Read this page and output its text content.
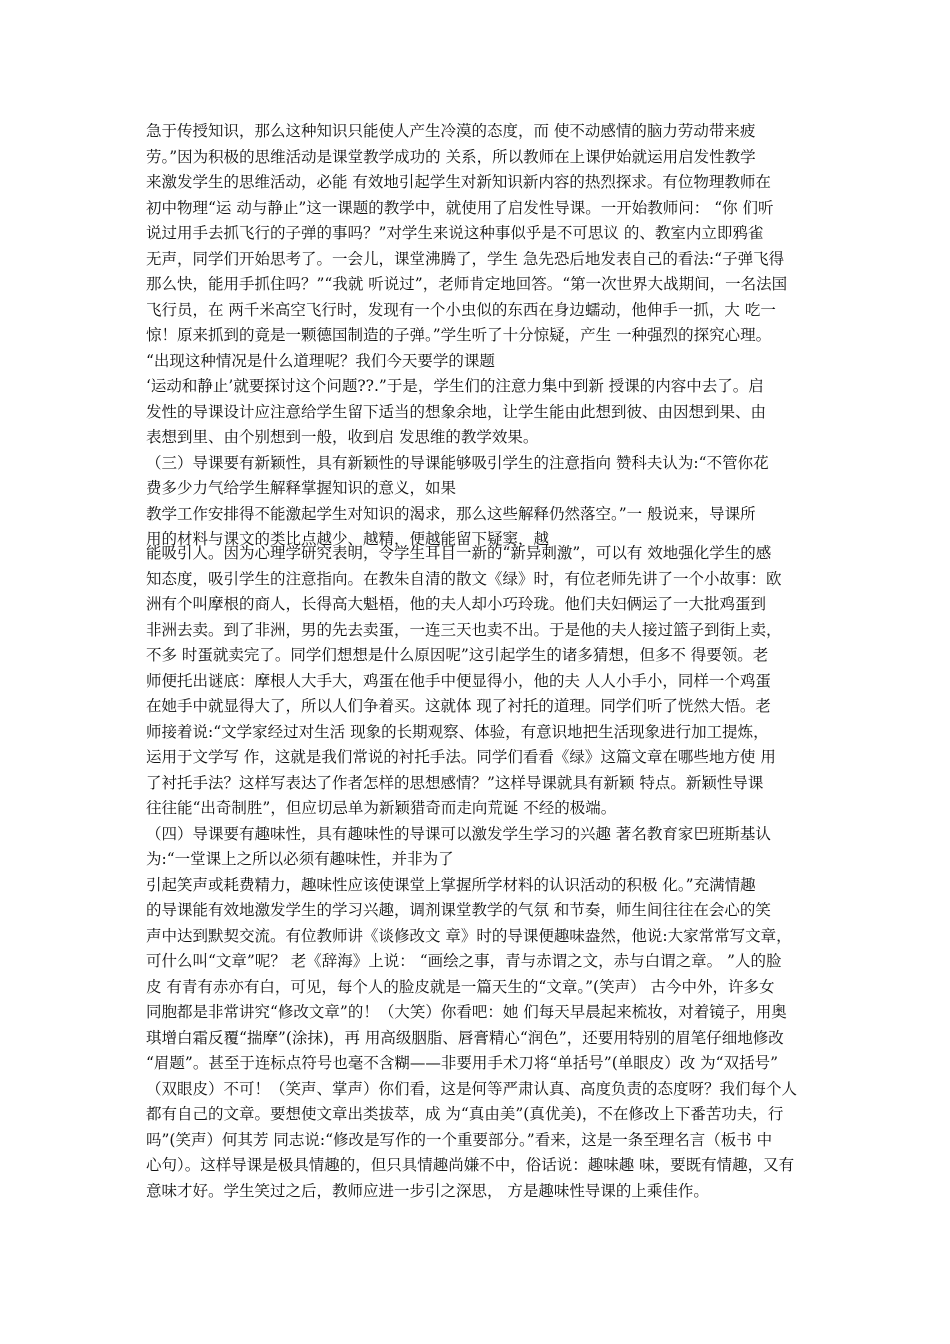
急于传授知识，那么这种知识只能使人产生冷漠的态度，而 使不动感情的脑力劳动带来疲
劳。”因为积极的思维活动是课堂教学成功的 关系，所以教师在上课伊始就运用启发性教学
来激发学生的思维活动，必能 有效地引起学生对新知识新内容的热烈探求。有位物理教师在
初中物理“运 动与静止”这一课题的教学中，就使用了启发性导课。一开始教师问： “你 们听
说过用手去抓飞行的子弹的事吗？”对学生来说这种事似乎是不可思议 的、教室内立即鸦雀
无声，同学们开始思考了。一会儿，课堂沸腾了，学生 急先恐后地发表自己的看法:“子弹飞得
那么快，能用手抓住吗？”“我就 听说过”，老师肯定地回答。“第一次世界大战期间，一名法国
飞行员，在 两千米高空飞行时，发现有一个小虫似的东西在身边蠕动，他伸手一抓，大 吃一
惊！原来抓到的竟是一颗德国制造的子弹。”学生听了十分惊疑，产生 一种强烈的探究心理。
“出现这种情况是什么道理呢？我们今天要学的课题
‘运动和静止’就要探讨这个问题??.”于是，学生们的注意力集中到新 授课的内容中去了。启
发性的导课设计应注意给学生留下适当的想象余地，让学生能由此想到彼、由因想到果、由
表想到里、由个别想到一般，收到启 发思维的教学效果。
（三）导课要有新颖性，具有新颖性的导课能够吸引学生的注意指向 赞科夫认为:“不管你花
费多少力气给学生解释掌握知识的意义，如果
教学工作安排得不能激起学生对知识的渴求，那么这些解释仍然落空。”一 般说来，导课所
用的材料与课文的类比点越少、越精，便越能留下疑窦，越
能吸引人。因为心理学研究表明，令学生耳目一新的“新异刺激”，可以有 效地强化学生的感
知态度，吸引学生的注意指向。在教朱自清的散文《绿》时，有位老师先讲了一个小故事：欧
洲有个叫摩根的商人，长得高大魁梧，他的夫人却小巧玲珑。他们夫妇俩运了一大批鸡蛋到
非洲去卖。到了非洲，男的先去卖蛋，一连三天也卖不出。于是他的夫人接过篮子到街上卖，
不多 时蛋就卖完了。同学们想想是什么原因呢”这引起学生的诸多猜想，但多不 得要领。老
师便托出谜底：摩根人大手大，鸡蛋在他手中便显得小，他的夫 人人小手小，同样一个鸡蛋
在她手中就显得大了，所以人们争着买。这就体 现了衬托的道理。同学们听了恍然大悟。老
师接着说:“文学家经过对生活 现象的长期观察、体验，有意识地把生活现象进行加工提炼，
运用于文学写 作，这就是我们常说的衬托手法。同学们看看《绿》这篇文章在哪些地方使 用
了衬托手法？这样写表达了作者怎样的思想感情？”这样导课就具有新颖 特点。新颖性导课
往往能“出奇制胜”，但应切忌单为新颖猎奇而走向荒诞 不经的极端。
（四）导课要有趣味性，具有趣味性的导课可以激发学生学习的兴趣 著名教育家巴班斯基认
为:“一堂课上之所以必须有趣味性，并非为了
引起笑声或耗费精力，趣味性应该使课堂上掌握所学材料的认识活动的积极 化。”充满情趣
的导课能有效地激发学生的学习兴趣，调剂课堂教学的气氛 和节奏，师生间往往在会心的笑
声中达到默契交流。有位教师讲《谈修改文 章》时的导课便趣味盎然，他说:大家常常写文章，
可什么叫“文章”呢？ 老《辞海》上说： “画绘之事，青与赤谓之文，赤与白谓之章。 ”人的脸
皮 有青有赤亦有白，可见，每个人的脸皮就是一篇天生的“文章。”(笑声） 古今中外，许多女
同胞都是非常讲究“修改文章”的！（大笑）你看吧：她 们每天早晨起来梳妆，对着镜子，用奥
琪增白霜反覆“揣摩”(涂抹)，再 用高级胭脂、唇膏精心“润色”，还要用特别的眉笔仔细地修改
“眉题”。甚至于连标点符号也毫不含糊——非要用手术刀将“单括号”(单眼皮）改 为“双括号”
（双眼皮）不可！（笑声、掌声）你们看，这是何等严肃认真、高度负责的态度呀？我们每个人
都有自己的文章。要想使文章出类拔萃，成 为“真由美”(真优美)，不在修改上下番苦功夫，行
吗”(笑声）何其芳 同志说:“修改是写作的一个重要部分。”看来，这是一条至理名言（板书 中
心句）。这样导课是极具情趣的，但只具情趣尚嫌不中，俗话说：趣味趣 味，要既有情趣，又有
意味才好。学生笑过之后，教师应进一步引之深思， 方是趣味性导课的上乘佳作。
